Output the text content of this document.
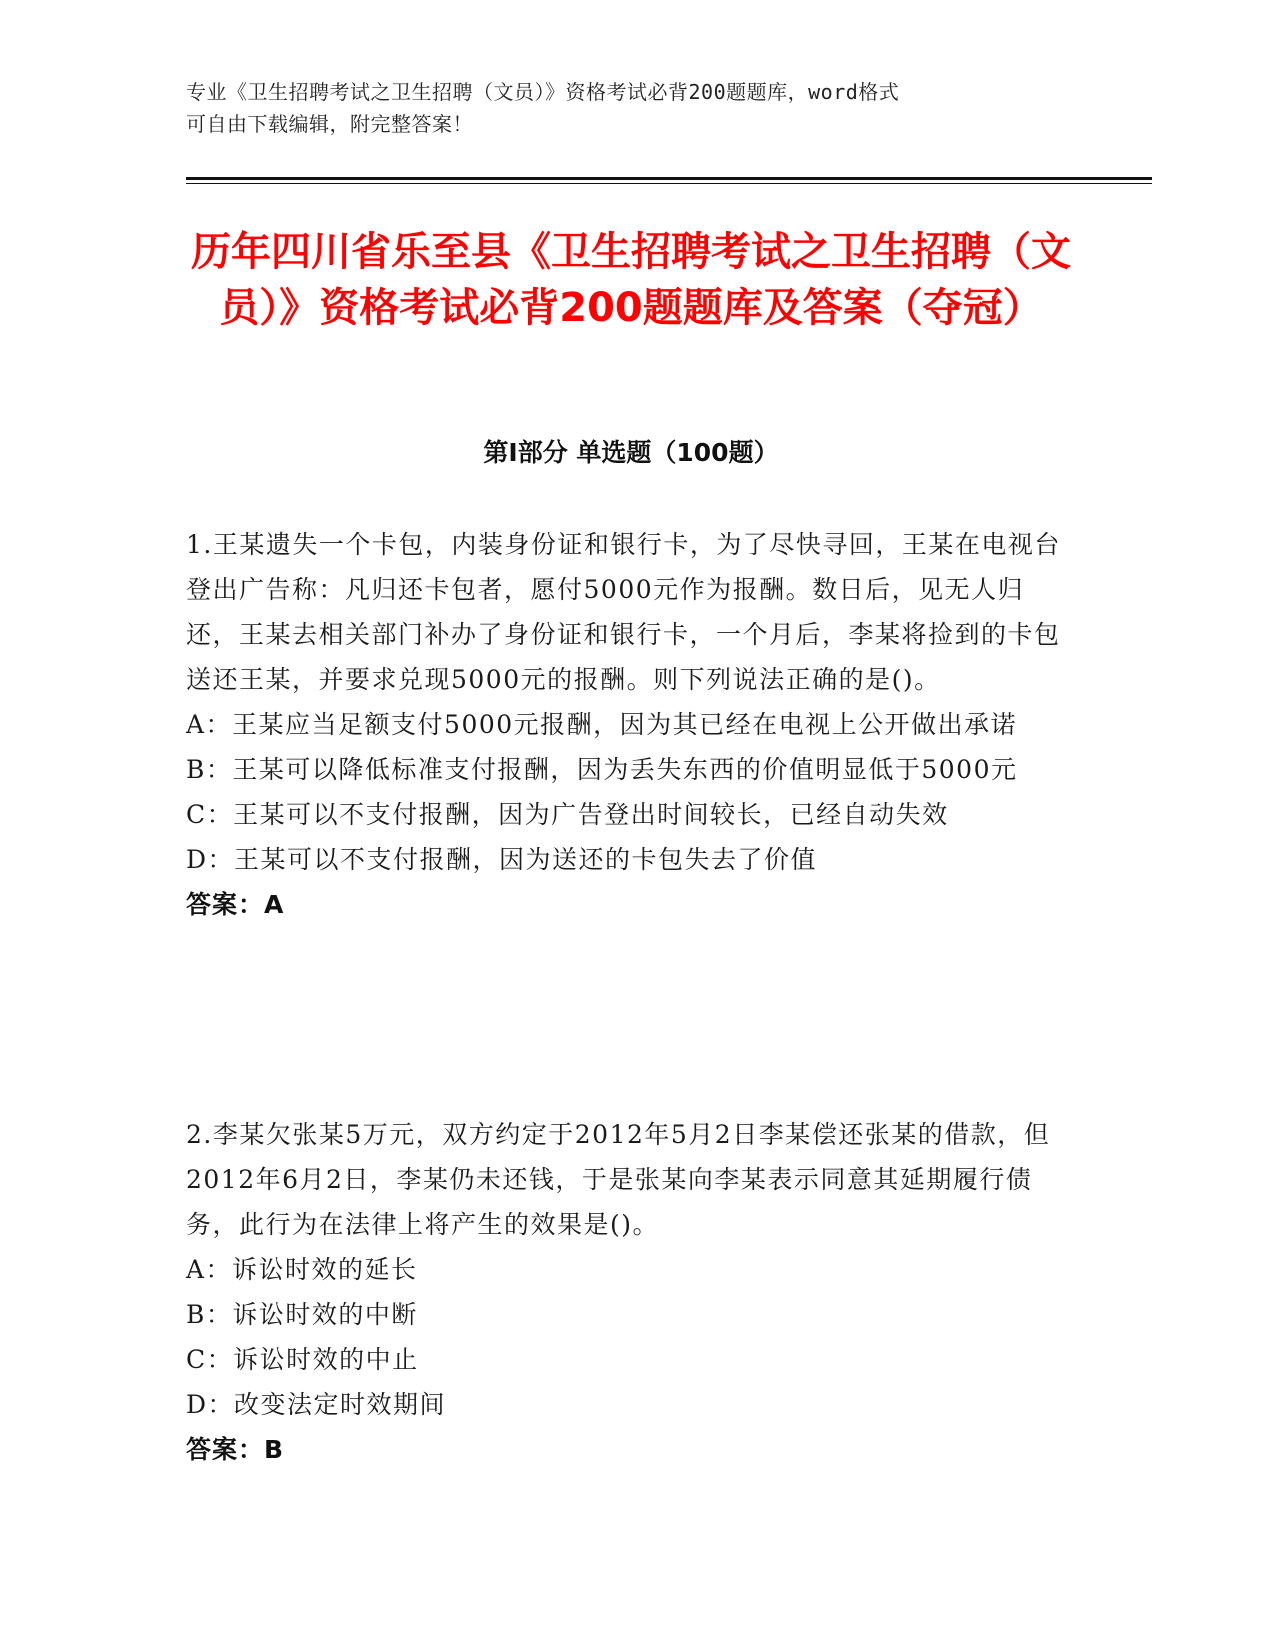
专业《卫生招聘考试之卫生招聘（文员）》资格考试必背200题题库，word格式
可自由下载编辑，附完整答案！
历年四川省乐至县《卫生招聘考试之卫生招聘（文员）》资格考试必背200题题库及答案（夺冠）
第Ⅰ部分 单选题（100题）

1.王某遗失一个卡包，内装身份证和银行卡，为了尽快寻回，王某在电视台登出广告称：凡归还卡包者，愿付5000元作为报酬。数日后，见无人归还，王某去相关部门补办了身份证和银行卡，一个月后，李某将捡到的卡包送还王某，并要求兑现5000元的报酬。则下列说法正确的是()。

A：王某应当足额支付5000元报酬，因为其已经在电视上公开做出承诺

B：王某可以降低标准支付报酬，因为丢失东西的价值明显低于5000元

C：王某可以不支付报酬，因为广告登出时间较长，已经自动失效

D：王某可以不支付报酬，因为送还的卡包失去了价值

答案：A

2.李某欠张某5万元，双方约定于2012年5月2日李某偿还张某的借款，但2012年6月2日，李某仍未还钱，于是张某向李某表示同意其延期履行债务，此行为在法律上将产生的效果是()。

A：诉讼时效的延长

B：诉讼时效的中断

C：诉讼时效的中止

D：改变法定时效期间

答案：B
